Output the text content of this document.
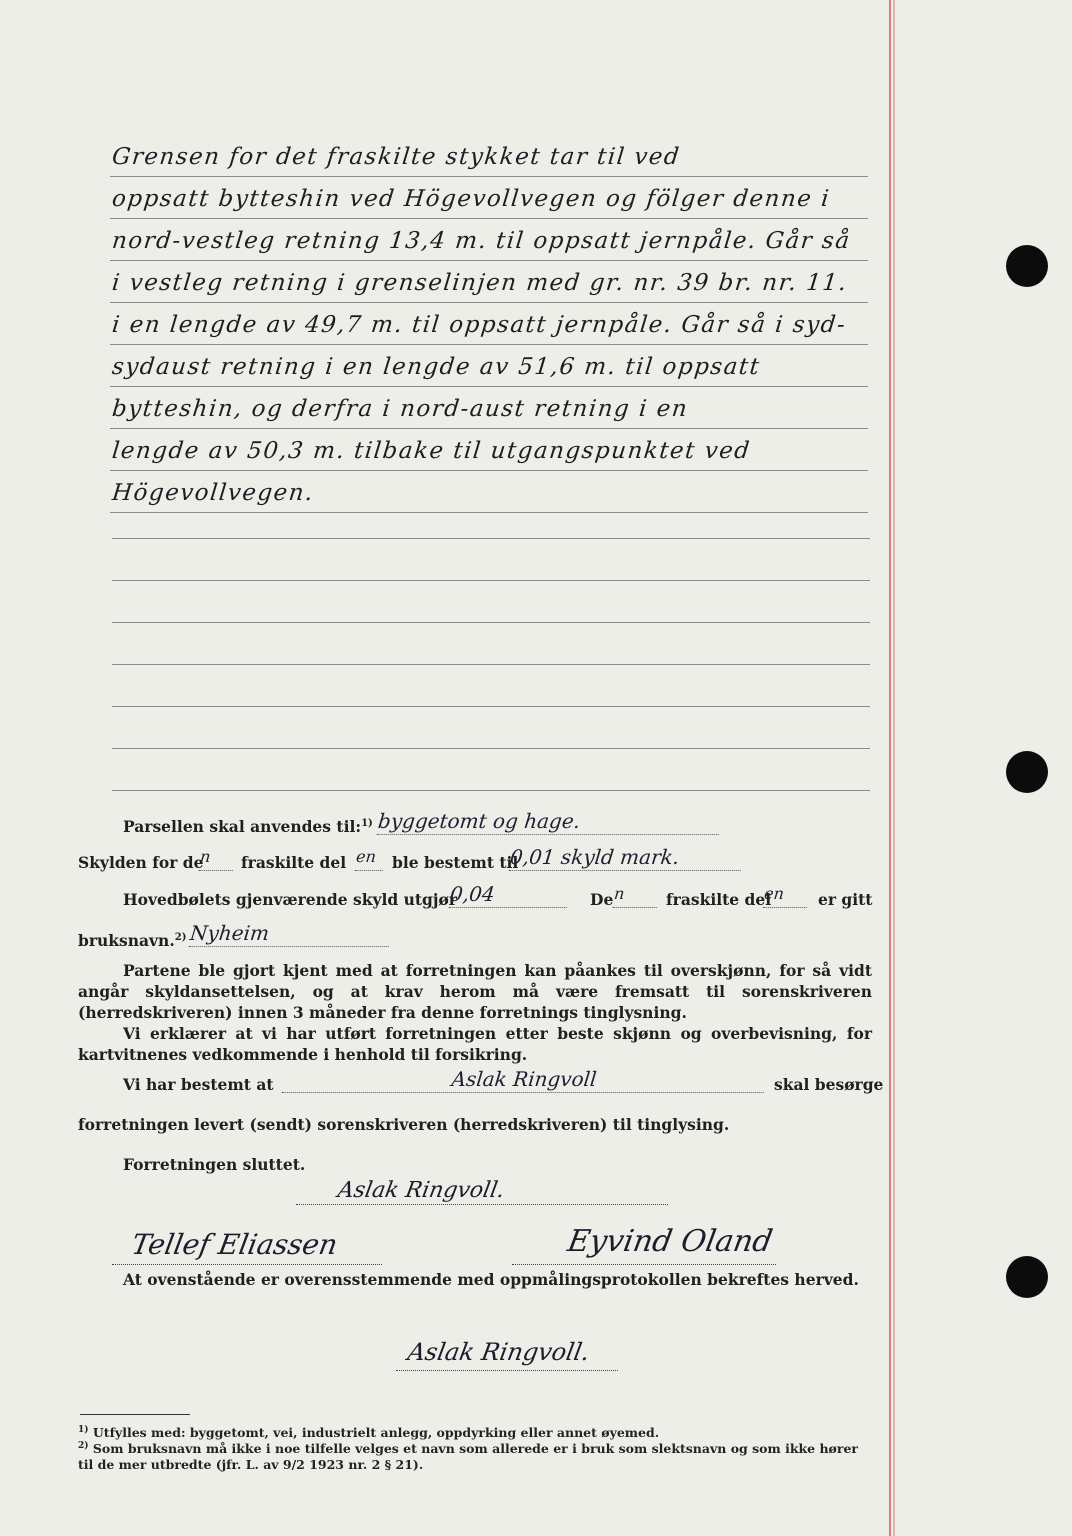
Grensen for det fraskilte stykket tar til ved
oppsatt bytteshin ved Högevollvegen og fölger denne i
nord-vestleg retning 13,4 m. til oppsatt jernpåle. Går så
i vestleg retning i grenselinjen med gr. nr. 39 br. nr. 11.
i en lengde av 49,7 m. til oppsatt jernpåle. Går så i syd-
sydaust retning i en lengde av 51,6 m. til oppsatt
bytteshin, og derfra i nord-aust retning i en
lengde av 50,3 m. tilbake til utgangspunktet ved
Högevollvegen.
Parsellen skal anvendes til:$^{1)}$ byggetomt og hage.
Skylden for de
n	fraskilte del en ble bestemt til
0,01 skyld mark.
Hovedbølets gjenværende skyld utgjør
0,04	De n	fraskilte del
en	er gitt
bruksnavn.$^{2)}$ Nyheim
Partene ble gjort kjent med at forretningen kan påankes til overskjønn, for så vidt angår skyldansettelsen, og at krav herom må være fremsatt til sorenskriveren (herredskriveren) innen 3 måneder fra denne forretnings tinglysning.
Vi erklærer at vi har utført forretningen etter beste skjønn og overbevisning, for kartvitnenes vedkommende i henhold til forsikring.
Vi har bestemt at	Aslak Ringvoll	skal besørge
forretningen levert (sendt) sorenskriveren (herredskriveren) til tinglysing.
Forretningen sluttet.
Aslak Ringvoll.
Tellef Eliassen	Eyvind Oland
At ovenstående er overensstemmende med oppmålingsprotokollen bekreftes herved.
Aslak Ringvoll.
$^{1)}$ Utfylles med: byggetomt, vei, industrielt anlegg, oppdyrking eller annet øyemed.
$^{2)}$ Som bruksnavn må ikke i noe tilfelle velges et navn som allerede er i bruk som slektsnavn og som ikke hører til de mer utbredte (jfr. L. av 9/2 1923 nr. 2 § 21).
